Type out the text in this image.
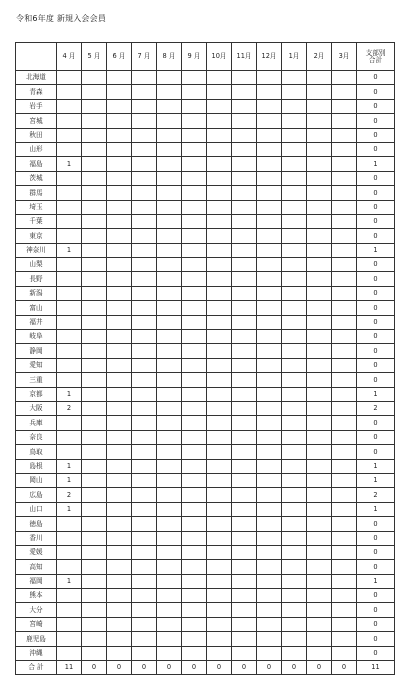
令和6年度 新規入会会員
	4 月	5 月	6 月	7 月	8 月	9 月	10月	11月	12月	1月	2月	3月	支部別
合計
北海道													0
青森													0
岩手													0
宮城													0
秋田													0
山形													0
福島	1												1
茨城													0
群馬													0
埼玉													0
千葉													0
東京													0
神奈川	1												1
山梨													0
長野													0
新潟													0
富山													0
福井													0
岐阜													0
静岡													0
愛知													0
三重													0
京都	1												1
大阪	2												2
兵庫													0
奈良													0
鳥取													0
島根	1												1
岡山	1												1
広島	2												2
山口	1												1
徳島													0
香川													0
愛媛													0
高知													0
福岡	1												1
熊本													0
大分													0
宮崎													0
鹿児島													0
沖縄													0
合 計	11	0	0	0	0	0	0	0	0	0	0	0	11
